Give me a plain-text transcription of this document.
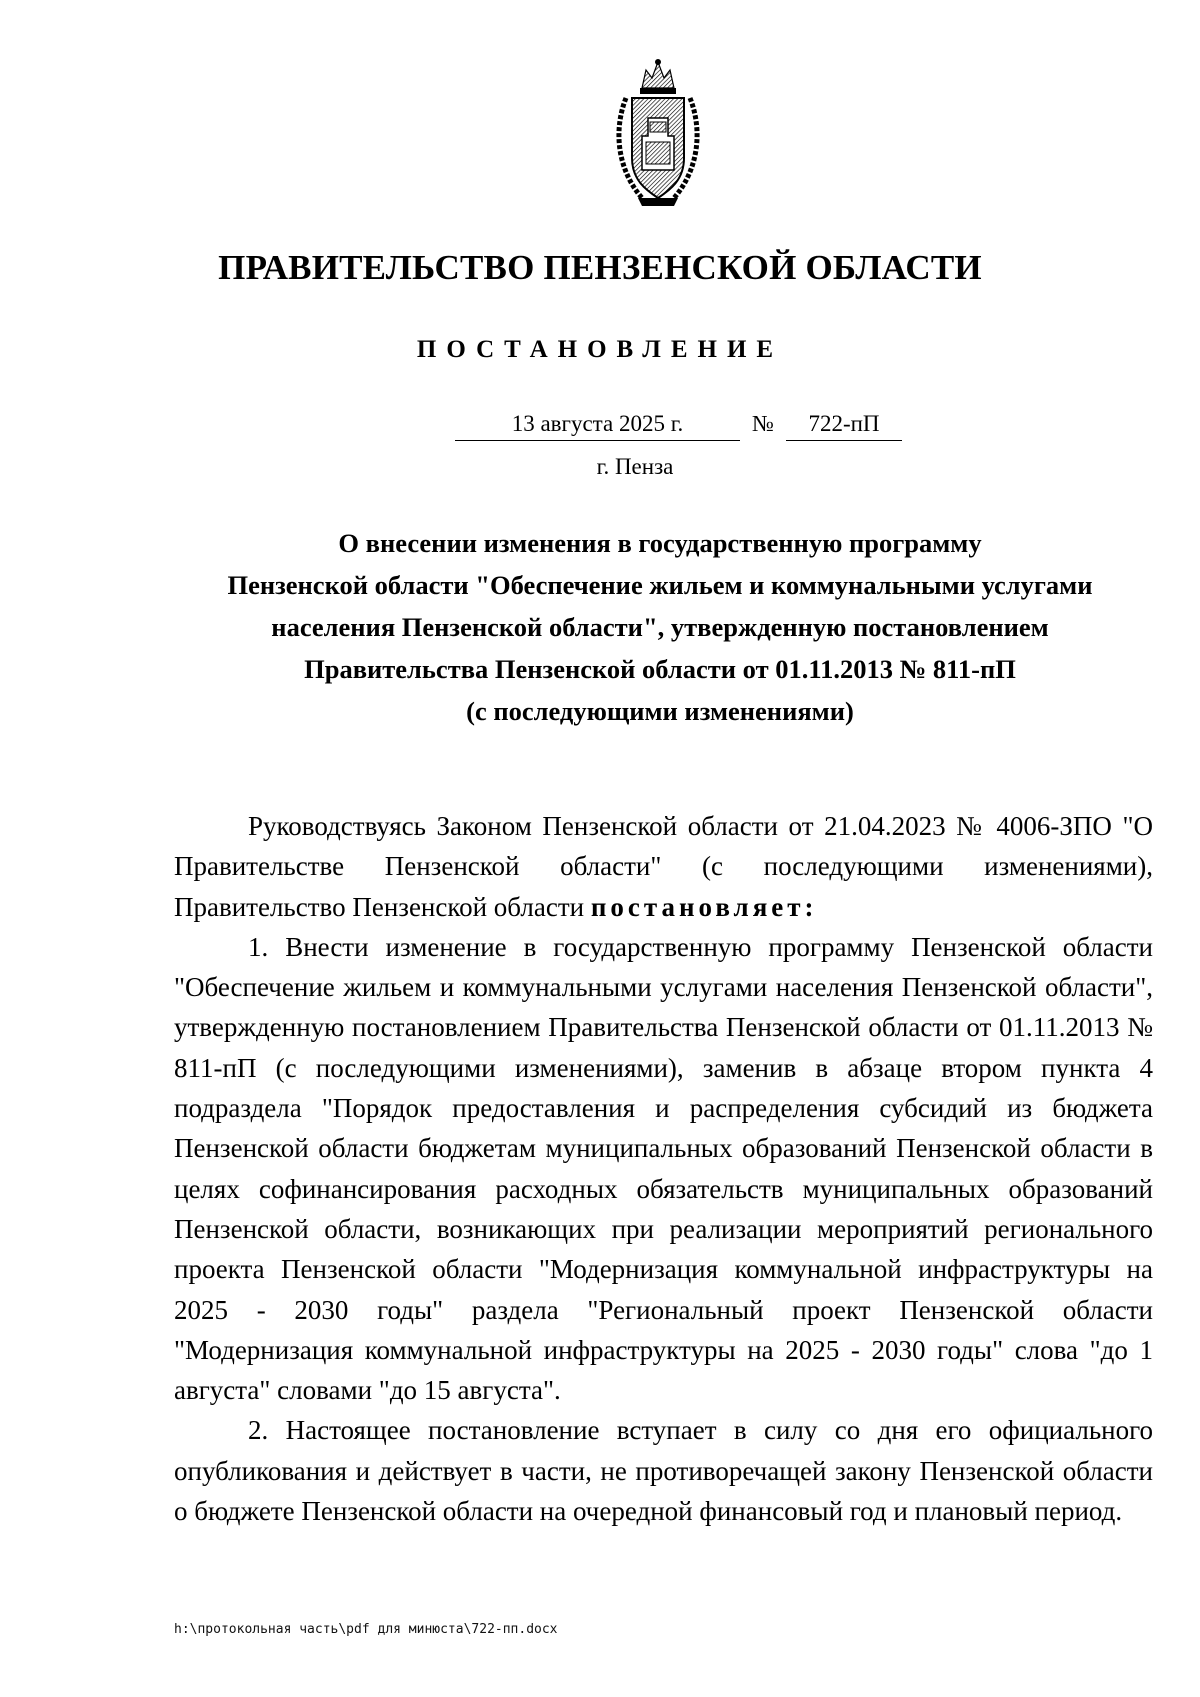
ПРАВИТЕЛЬСТВО ПЕНЗЕНСКОЙ ОБЛАСТИ
ПОСТАНОВЛЕНИЕ
13 августа 2025 г.	№	722-пП
г. Пенза
О внесении изменения в государственную программу
Пензенской области "Обеспечение жильем и коммунальными услугами
населения Пензенской области", утвержденную постановлением
Правительства Пензенской области от 01.11.2013 № 811-пП
(с последующими изменениями)

Руководствуясь Законом Пензенской области от 21.04.2023 № 4006-ЗПО "О Правительстве Пензенской области" (с последующими изменениями), Правительство Пензенской области постановляет:

1. Внести изменение в государственную программу Пензенской области "Обеспечение жильем и коммунальными услугами населения Пензенской области", утвержденную постановлением Правительства Пензенской области от 01.11.2013 № 811-пП (с последующими изменениями), заменив в абзаце втором пункта 4 подраздела "Порядок предоставления и распределения субсидий из бюджета Пензенской области бюджетам муниципальных образований Пензенской области в целях софинансирования расходных обязательств муниципальных образований Пензенской области, возникающих при реализации мероприятий регионального проекта Пензенской области "Модернизация коммунальной инфраструктуры на 2025 - 2030 годы" раздела "Региональный проект Пензенской области "Модернизация коммунальной инфраструктуры на 2025 - 2030 годы" слова "до 1 августа" словами "до 15 августа".

2. Настоящее постановление вступает в силу со дня его официального опубликования и действует в части, не противоречащей закону Пензенской области о бюджете Пензенской области на очередной финансовый год и плановый период.

h:\протокольная часть\pdf для минюста\722-пп.docx
